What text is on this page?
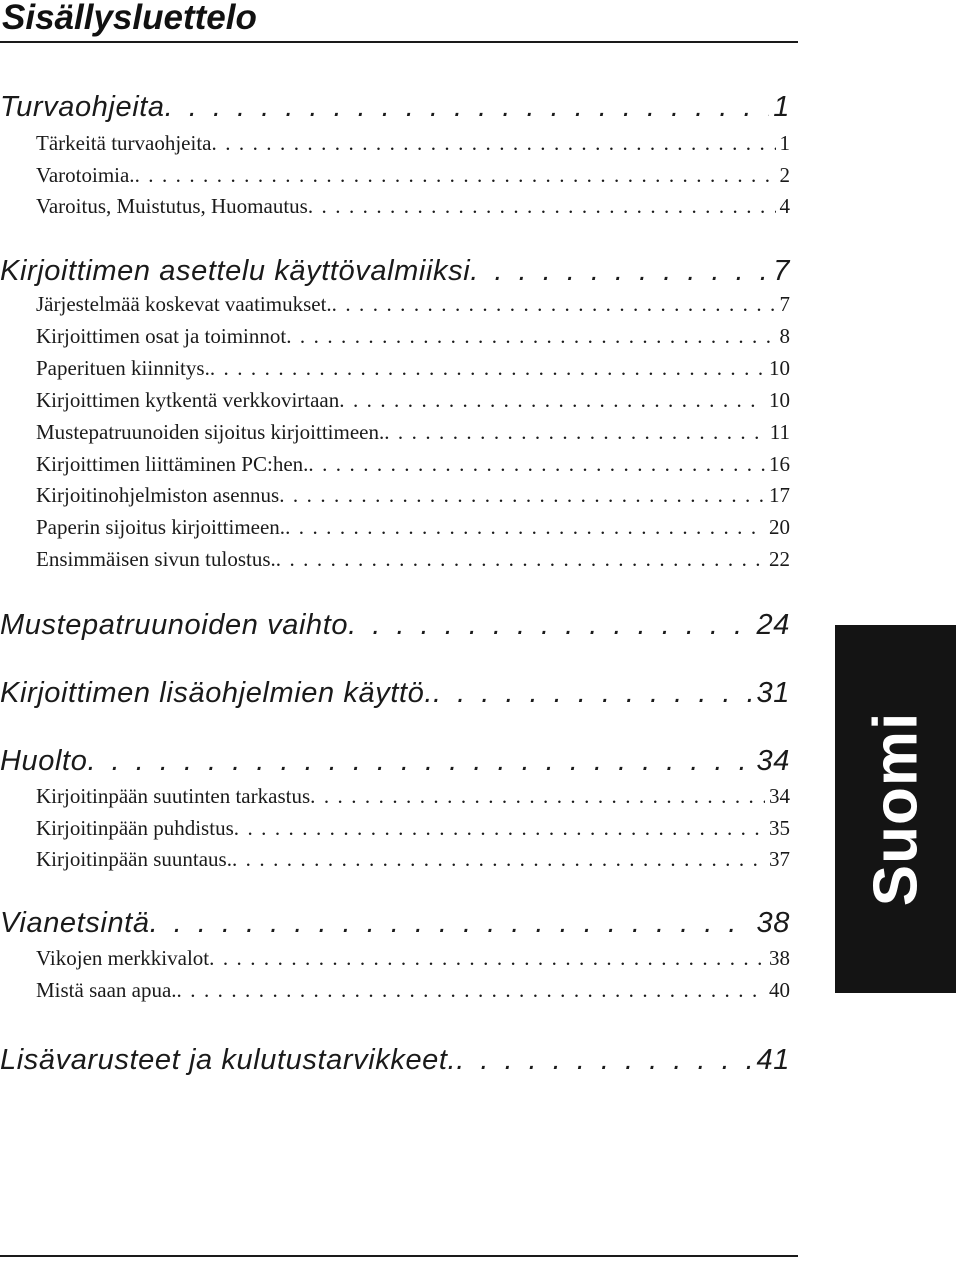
Sisällysluettelo
Turvaohjeita . . .	1
Tärkeitä turvaohjeita . . .	1
Varotoimia. . . .	2
Varoitus, Muistutus, Huomautus . . .	4
Kirjoittimen asettelu käyttövalmiiksi . . .	7
Järjestelmää koskevat vaatimukset. . . .	7
Kirjoittimen osat ja toiminnot . . .	8
Paperituen kiinnitys. . . .	10
Kirjoittimen kytkentä verkkovirtaan . . .	10
Mustepatruunoiden sijoitus kirjoittimeen. . . .	11
Kirjoittimen liittäminen PC:hen. . . .	16
Kirjoitinohjelmiston asennus . . .	17
Paperin sijoitus kirjoittimeen. . . .	20
Ensimmäisen sivun tulostus. . . .	22
Mustepatruunoiden vaihto . . .	24
Kirjoittimen lisäohjelmien käyttö. . . .	31
Huolto . . .	34
Kirjoitinpään suutinten tarkastus . . .	34
Kirjoitinpään puhdistus . . .	35
Kirjoitinpään suuntaus. . . .	37
Vianetsintä . . .	38
Vikojen merkkivalot . . .	38
Mistä saan apua. . . .	40
Lisävarusteet ja kulutustarvikkeet. . . .	41
Suomi
